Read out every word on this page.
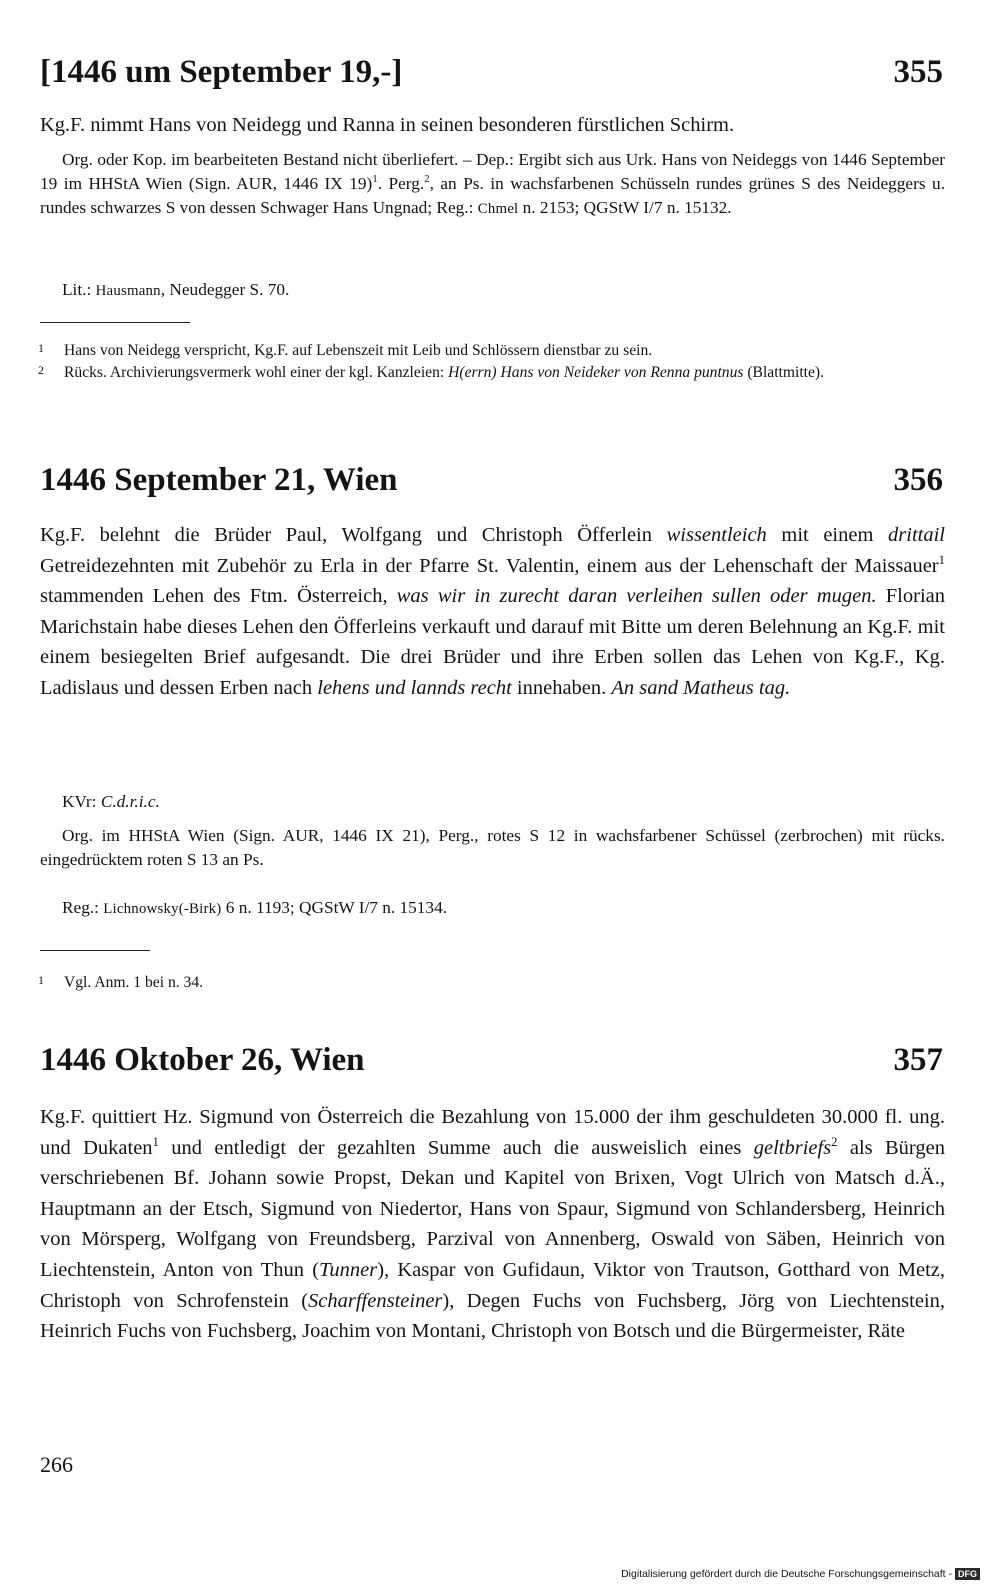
[1446 um September 19,-]	355
Kg.F. nimmt Hans von Neidegg und Ranna in seinen besonderen fürstlichen Schirm.
Org. oder Kop. im bearbeiteten Bestand nicht überliefert. – Dep.: Ergibt sich aus Urk. Hans von Neideggs von 1446 September 19 im HHStA Wien (Sign. AUR, 1446 IX 19)$^1$. Perg.$^2$, an Ps. in wachsfarbenen Schüsseln rundes grünes S des Neideggers u. rundes schwarzes S von dessen Schwager Hans Ungnad; Reg.: Chmel n. 2153; QGStW I/7 n. 15132.
Lit.: Hausmann, Neudegger S. 70.
1 Hans von Neidegg verspricht, Kg.F. auf Lebenszeit mit Leib und Schlössern dienstbar zu sein.
2 Rücks. Archivierungsvermerk wohl einer der kgl. Kanzleien: H(errn) Hans von Neideker von Renna puntnus (Blattmitte).
1446 September 21, Wien	356
Kg.F. belehnt die Brüder Paul, Wolfgang und Christoph Öfferlein wissentleich mit einem drittail Getreidezehnten mit Zubehör zu Erla in der Pfarre St. Valentin, einem aus der Lehenschaft der Maissauer$^1$ stammenden Lehen des Ftm. Österreich, was wir in zurecht daran verleihen sullen oder mugen. Florian Marichstain habe dieses Lehen den Öfferleins verkauft und darauf mit Bitte um deren Belehnung an Kg.F. mit einem besiegelten Brief aufgesandt. Die drei Brüder und ihre Erben sollen das Lehen von Kg.F., Kg. Ladislaus und dessen Erben nach lehens und lannds recht innehaben. An sand Matheus tag.
KVr: C.d.r.i.c.
Org. im HHStA Wien (Sign. AUR, 1446 IX 21), Perg., rotes S 12 in wachsfarbener Schüssel (zerbrochen) mit rücks. eingedrücktem roten S 13 an Ps.
Reg.: Lichnowsky(-Birk) 6 n. 1193; QGStW I/7 n. 15134.
1 Vgl. Anm. 1 bei n. 34.
1446 Oktober 26, Wien	357
Kg.F. quittiert Hz. Sigmund von Österreich die Bezahlung von 15.000 der ihm geschuldeten 30.000 fl. ung. und Dukaten$^1$ und entledigt der gezahlten Summe auch die ausweislich eines geltbriefs$^2$ als Bürgen verschriebenen Bf. Johann sowie Propst, Dekan und Kapitel von Brixen, Vogt Ulrich von Matsch d.Ä., Hauptmann an der Etsch, Sigmund von Niedertor, Hans von Spaur, Sigmund von Schlandersberg, Heinrich von Mörsperg, Wolfgang von Freundsberg, Parzival von Annenberg, Oswald von Säben, Heinrich von Liechtenstein, Anton von Thun (Tunner), Kaspar von Gufidaun, Viktor von Trautson, Gotthard von Metz, Christoph von Schrofenstein (Scharffensteiner), Degen Fuchs von Fuchsberg, Jörg von Liechtenstein, Heinrich Fuchs von Fuchsberg, Joachim von Montani, Christoph von Botsch und die Bürgermeister, Räte
266
Digitalisierung gefördert durch die Deutsche Forschungsgemeinschaft - DFG
